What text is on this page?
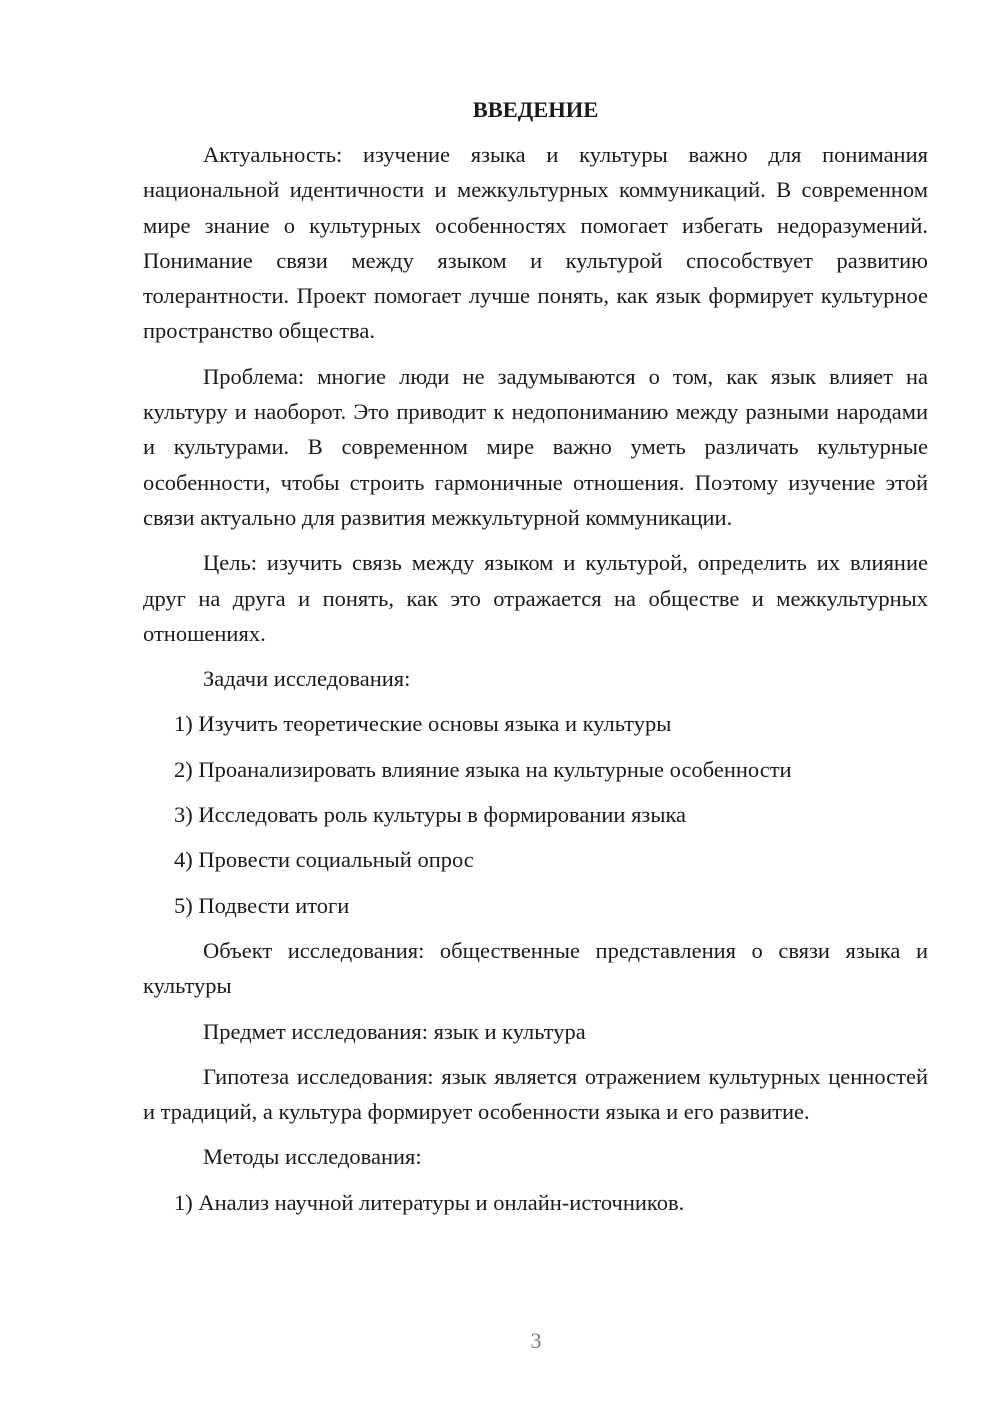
ВВЕДЕНИЕ

Актуальность: изучение языка и культуры важно для понимания национальной идентичности и межкультурных коммуникаций. В современном мире знание о культурных особенностях помогает избегать недоразумений. Понимание связи между языком и культурой способствует развитию толерантности. Проект помогает лучше понять, как язык формирует культурное пространство общества.

Проблема: многие люди не задумываются о том, как язык влияет на культуру и наоборот. Это приводит к недопониманию между разными народами и культурами. В современном мире важно уметь различать культурные особенности, чтобы строить гармоничные отношения. Поэтому изучение этой связи актуально для развития межкультурной коммуникации.

Цель: изучить связь между языком и культурой, определить их влияние друг на друга и понять, как это отражается на обществе и межкультурных отношениях.

Задачи исследования:

1) Изучить теоретические основы языка и культуры

2) Проанализировать влияние языка на культурные особенности

3) Исследовать роль культуры в формировании языка

4) Провести социальный опрос

5) Подвести итоги

Объект исследования: общественные представления о связи языка и культуры

Предмет исследования: язык и культура

Гипотеза исследования: язык является отражением культурных ценностей и традиций, а культура формирует особенности языка и его развитие.

Методы исследования:

1) Анализ научной литературы и онлайн-источников.

3
